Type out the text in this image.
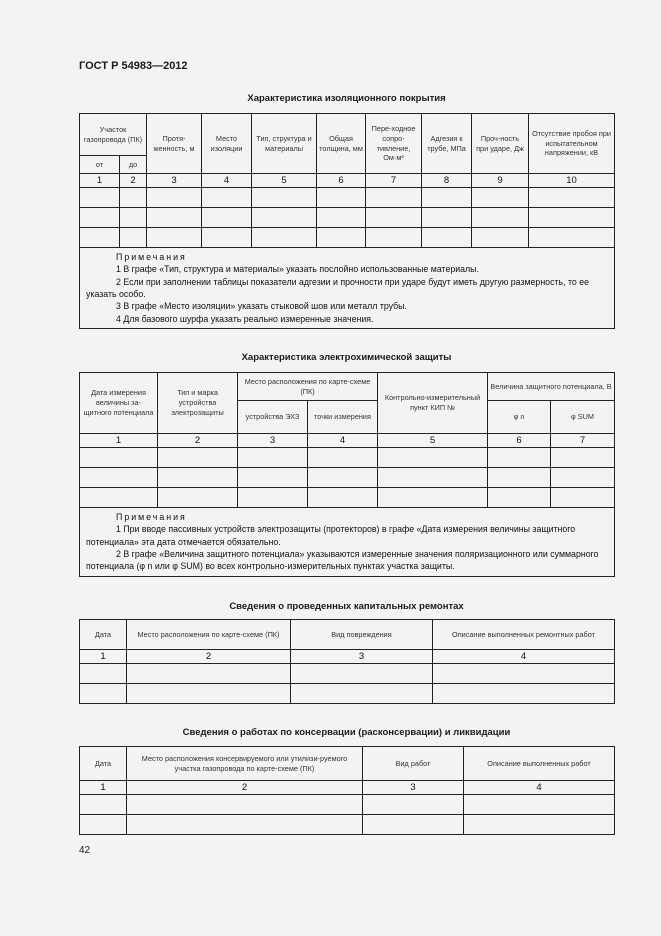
ГОСТ Р 54983—2012
Характеристика изоляционного покрытия
Участок газопровода (ПК)		Протя-женность, м	Место изоляции	Тип, структура и материалы	Общая толщина, мм	Пере-ходное сопро-тивление, Ом·м²	Адгезия к трубе, МПа	Проч-ность при ударе, Дж	Отсутствие пробоя при испытательном напряжении, кВ
от	до								
1	2	3	4	5	6	7	8	9	10

Примечания

1 В графе «Тип, структура и материалы» указать послойно использованные материалы.

2 Если при заполнении таблицы показатели адгезии и прочности при ударе будут иметь другую размерность, то ее указать особо.

3 В графе «Место изоляции» указать стыковой шов или металл трубы.

4 Для базового шурфа указать реально измеренные значения.									

Характеристика электрохимической защиты
Дата измерения величины за-щитного потенциала	Тип и марка устройства электрозащиты	Место расположения по карте-схеме (ПК)		Контрольно-измерительный пункт КИП №	Величина защитного потенциала, В	
		устройства ЭХЗ	точки измерения		φ n	φ SUM
1	2	3	4	5	6	7

Примечания

1 При вводе пассивных устройств электрозащиты (протекторов) в графе «Дата измерения величины защитного потенциала» эта дата отмечается обязательно.

2 В графе «Величина защитного потенциала» указываются измеренные значения поляризационного или суммарного потенциала (φ n или φ SUM) во всех контрольно-измерительных пунктах участка защиты.						

Сведения о проведенных капитальных ремонтах
Дата	Место расположения по карте-схеме (ПК)	Вид повреждения	Описание выполненных ремонтных работ
1	2	3	4

Сведения о работах по консервации (расконсервации) и ликвидации
Дата	Место расположения консервируемого или утилизи-руемого участка газопровода по карте-схеме (ПК)	Вид работ	Описание выполненных работ
1	2	3	4

42
